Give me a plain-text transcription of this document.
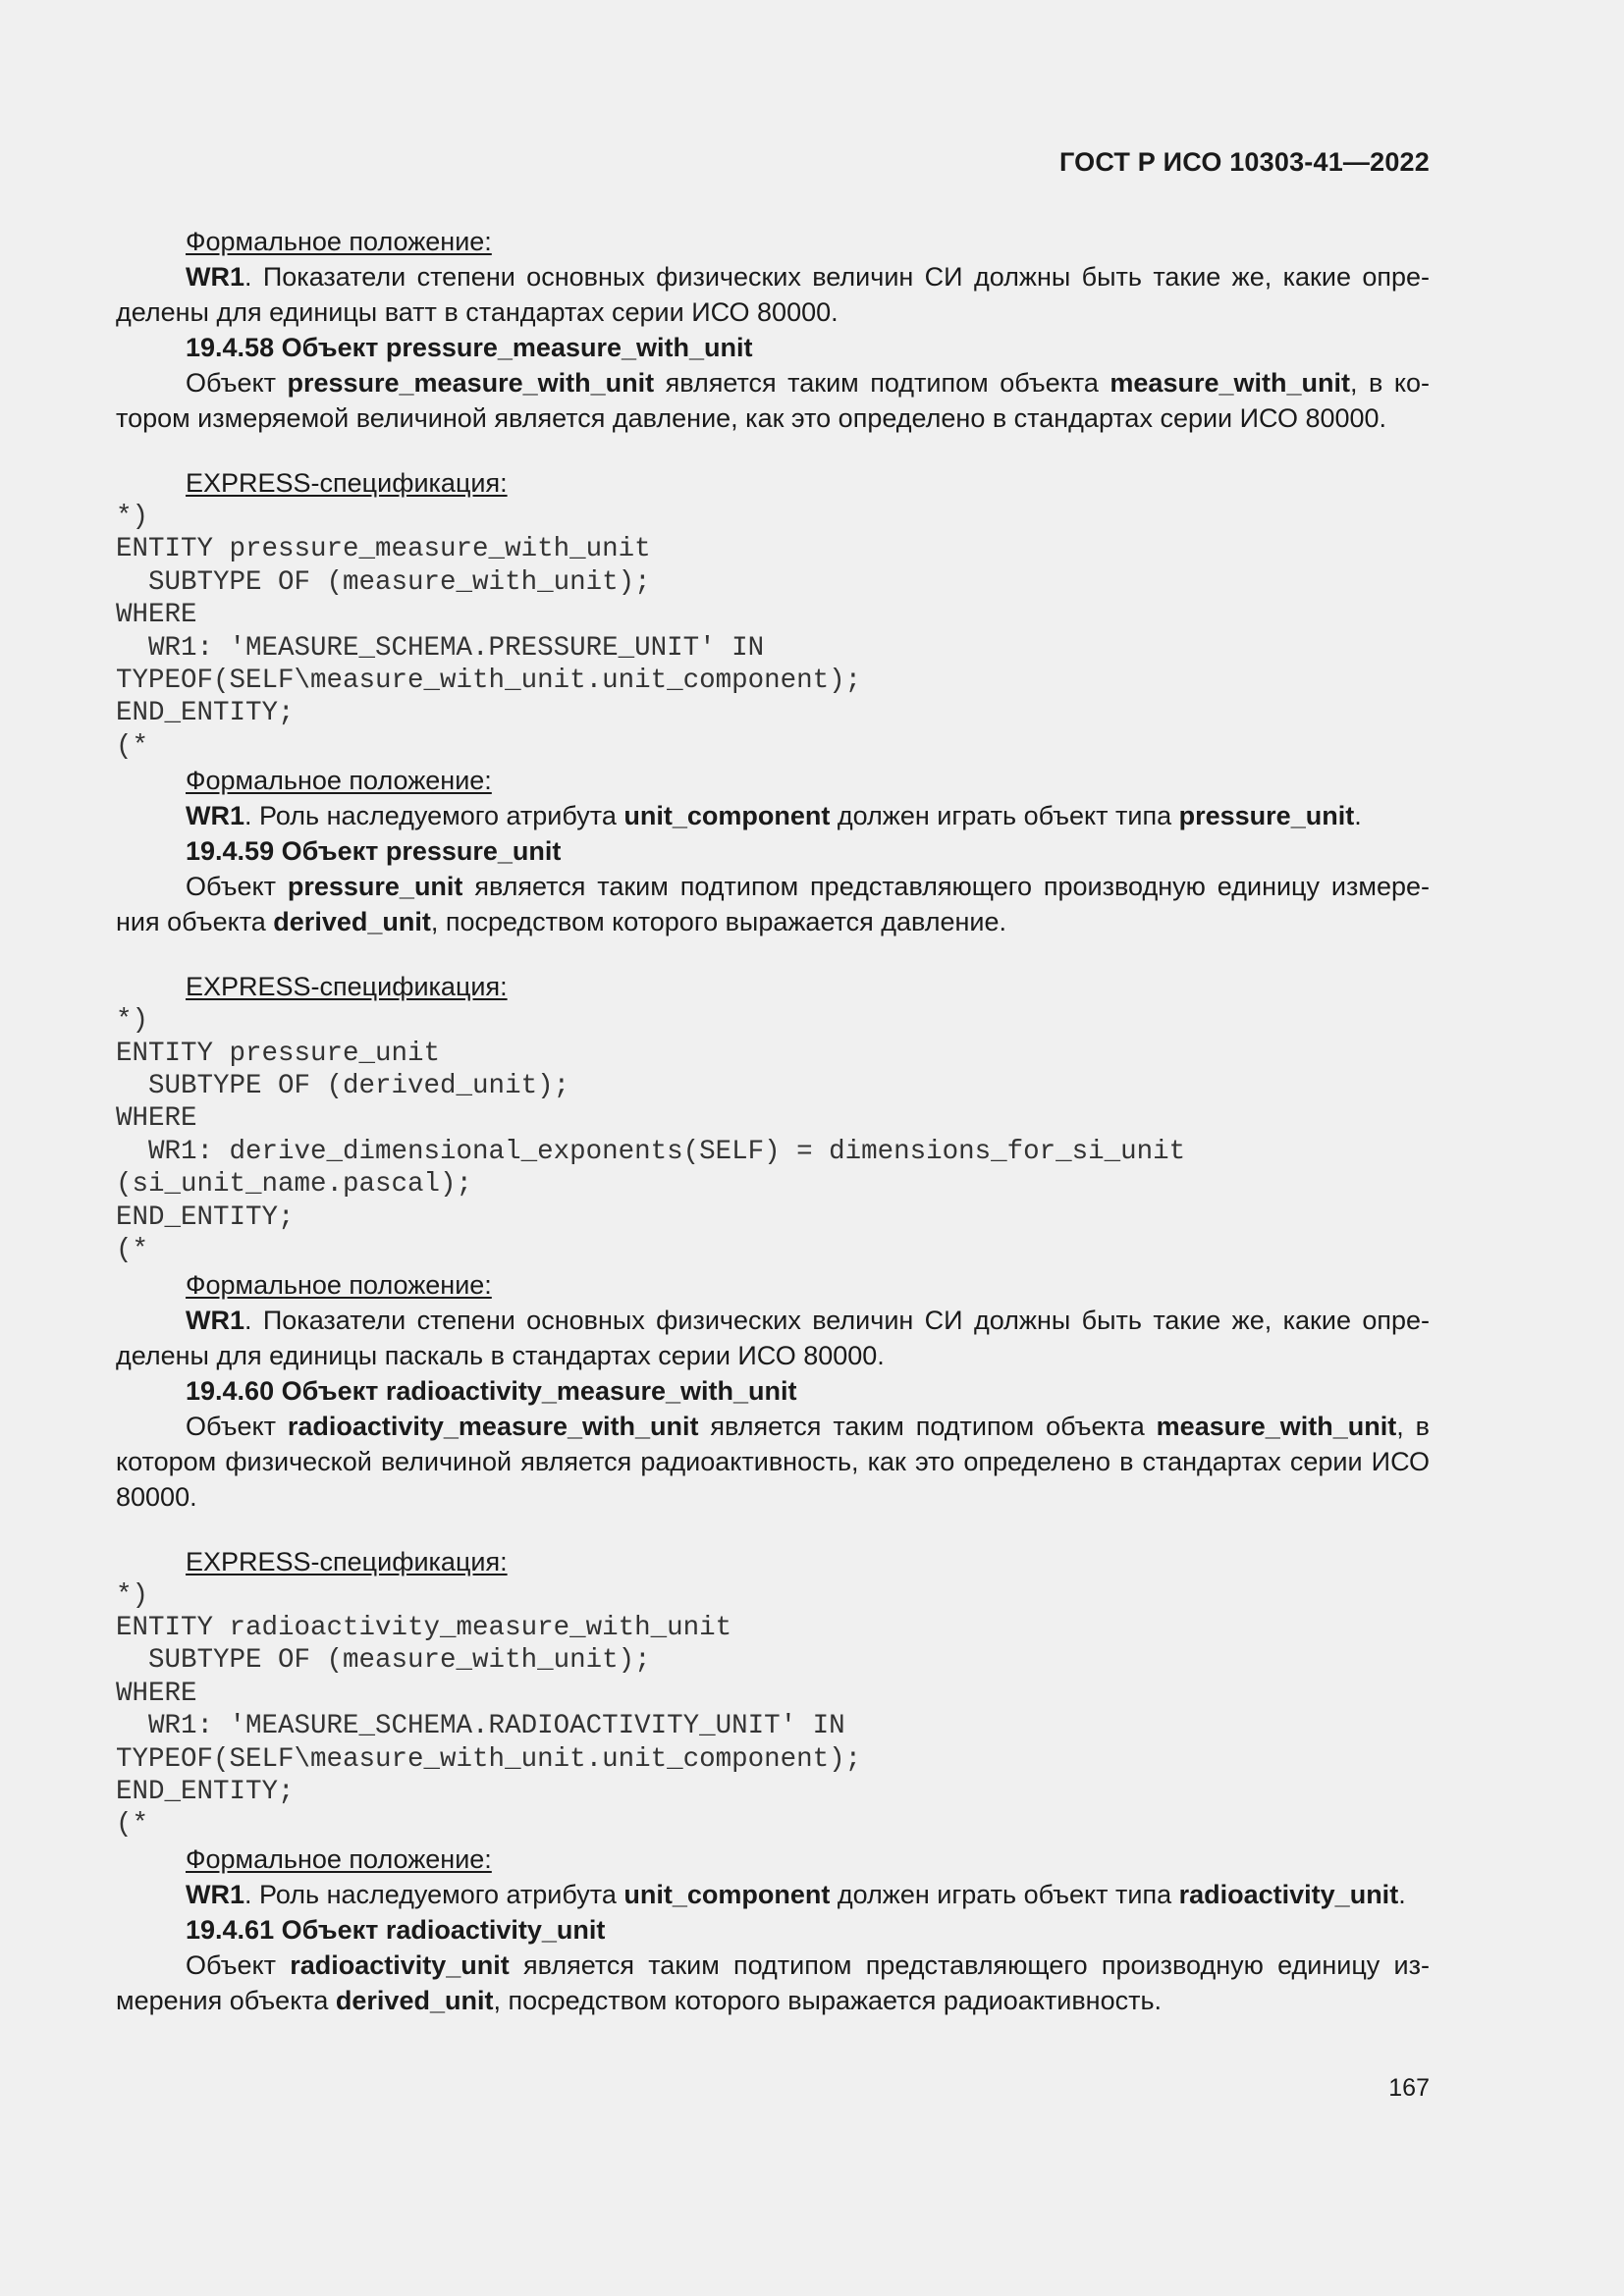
ГОСТ Р ИСО 10303-41—2022

Формальное положение:

WR1. Показатели степени основных физических величин СИ должны быть такие же, какие опре-делены для единицы ватт в стандартах серии ИСО 80000.

19.4.58 Объект pressure_measure_with_unit

Объект pressure_measure_with_unit является таким подтипом объекта measure_with_unit, в ко-тором измеряемой величиной является давление, как это определено в стандартах серии ИСО 80000.

EXPRESS-спецификация:

*)
ENTITY pressure_measure_with_unit
SUBTYPE OF (measure_with_unit);
WHERE
WR1: 'MEASURE_SCHEMA.PRESSURE_UNIT' IN
TYPEOF(SELF\measure_with_unit.unit_component);
END_ENTITY;
(*

Формальное положение:

WR1. Роль наследуемого атрибута unit_component должен играть объект типа pressure_unit.

19.4.59 Объект pressure_unit

Объект pressure_unit является таким подтипом представляющего производную единицу измере-ния объекта derived_unit, посредством которого выражается давление.

EXPRESS-спецификация:

*)
ENTITY pressure_unit
SUBTYPE OF (derived_unit);
WHERE
WR1: derive_dimensional_exponents(SELF) = dimensions_for_si_unit
(si_unit_name.pascal);
END_ENTITY;
(*

Формальное положение:

WR1. Показатели степени основных физических величин СИ должны быть такие же, какие опре-делены для единицы паскаль в стандартах серии ИСО 80000.

19.4.60 Объект radioactivity_measure_with_unit

Объект radioactivity_measure_with_unit является таким подтипом объекта measure_with_unit, в котором физической величиной является радиоактивность, как это определено в стандартах серии ИСО 80000.

EXPRESS-спецификация:

*)
ENTITY radioactivity_measure_with_unit
SUBTYPE OF (measure_with_unit);
WHERE
WR1: 'MEASURE_SCHEMA.RADIOACTIVITY_UNIT' IN
TYPEOF(SELF\measure_with_unit.unit_component);
END_ENTITY;
(*

Формальное положение:

WR1. Роль наследуемого атрибута unit_component должен играть объект типа radioactivity_unit.

19.4.61 Объект radioactivity_unit

Объект radioactivity_unit является таким подтипом представляющего производную единицу из-мерения объекта derived_unit, посредством которого выражается радиоактивность.

167
